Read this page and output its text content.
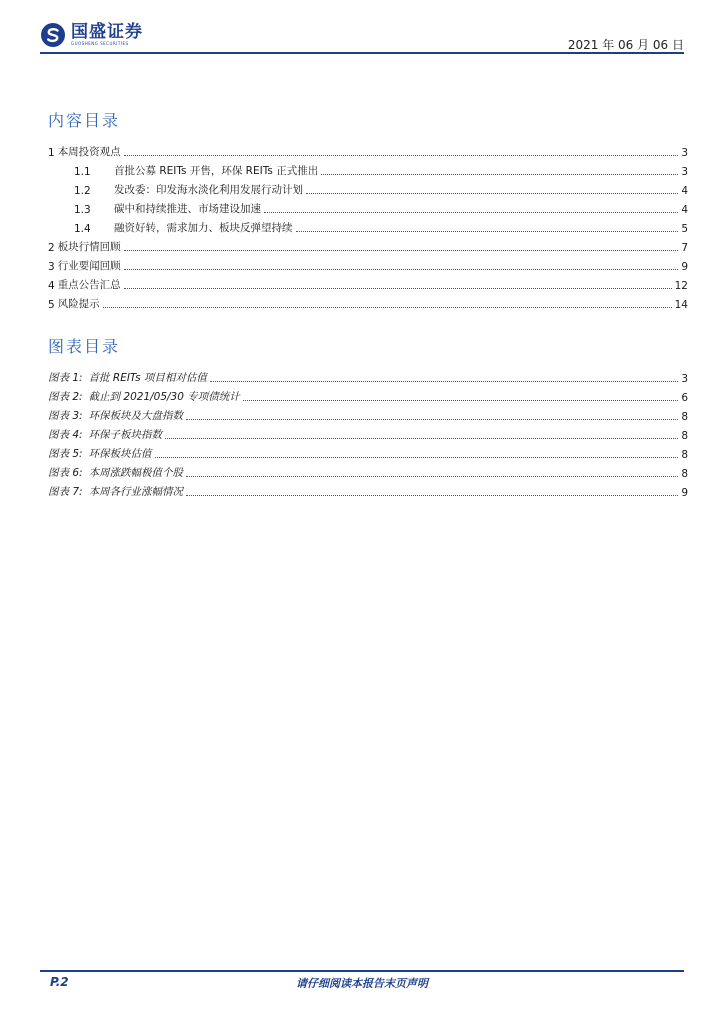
国盛证券
GUOSHENG SECURITIES	2021 年 06 月 06 日
内容目录
1 本周投资观点	3
1.1	首批公募 REITs 开售，环保 REITs 正式推出	3
1.2	发改委：印发海水淡化利用发展行动计划	4
1.3	碳中和持续推进、市场建设加速	4
1.4	融资好转，需求加力、板块反弹望持续	5
2 板块行情回顾	7
3 行业要闻回顾	9
4 重点公告汇总	12
5 风险提示	14
图表目录
图表 1: 首批 REITs 项目相对估值	3
图表 2: 截止到 2021/05/30 专项债统计	6
图表 3: 环保板块及大盘指数	8
图表 4: 环保子板块指数	8
图表 5: 环保板块估值	8
图表 6: 本周涨跌幅极值个股	8
图表 7: 本周各行业涨幅情况	9
P.2	请仔细阅读本报告末页声明
